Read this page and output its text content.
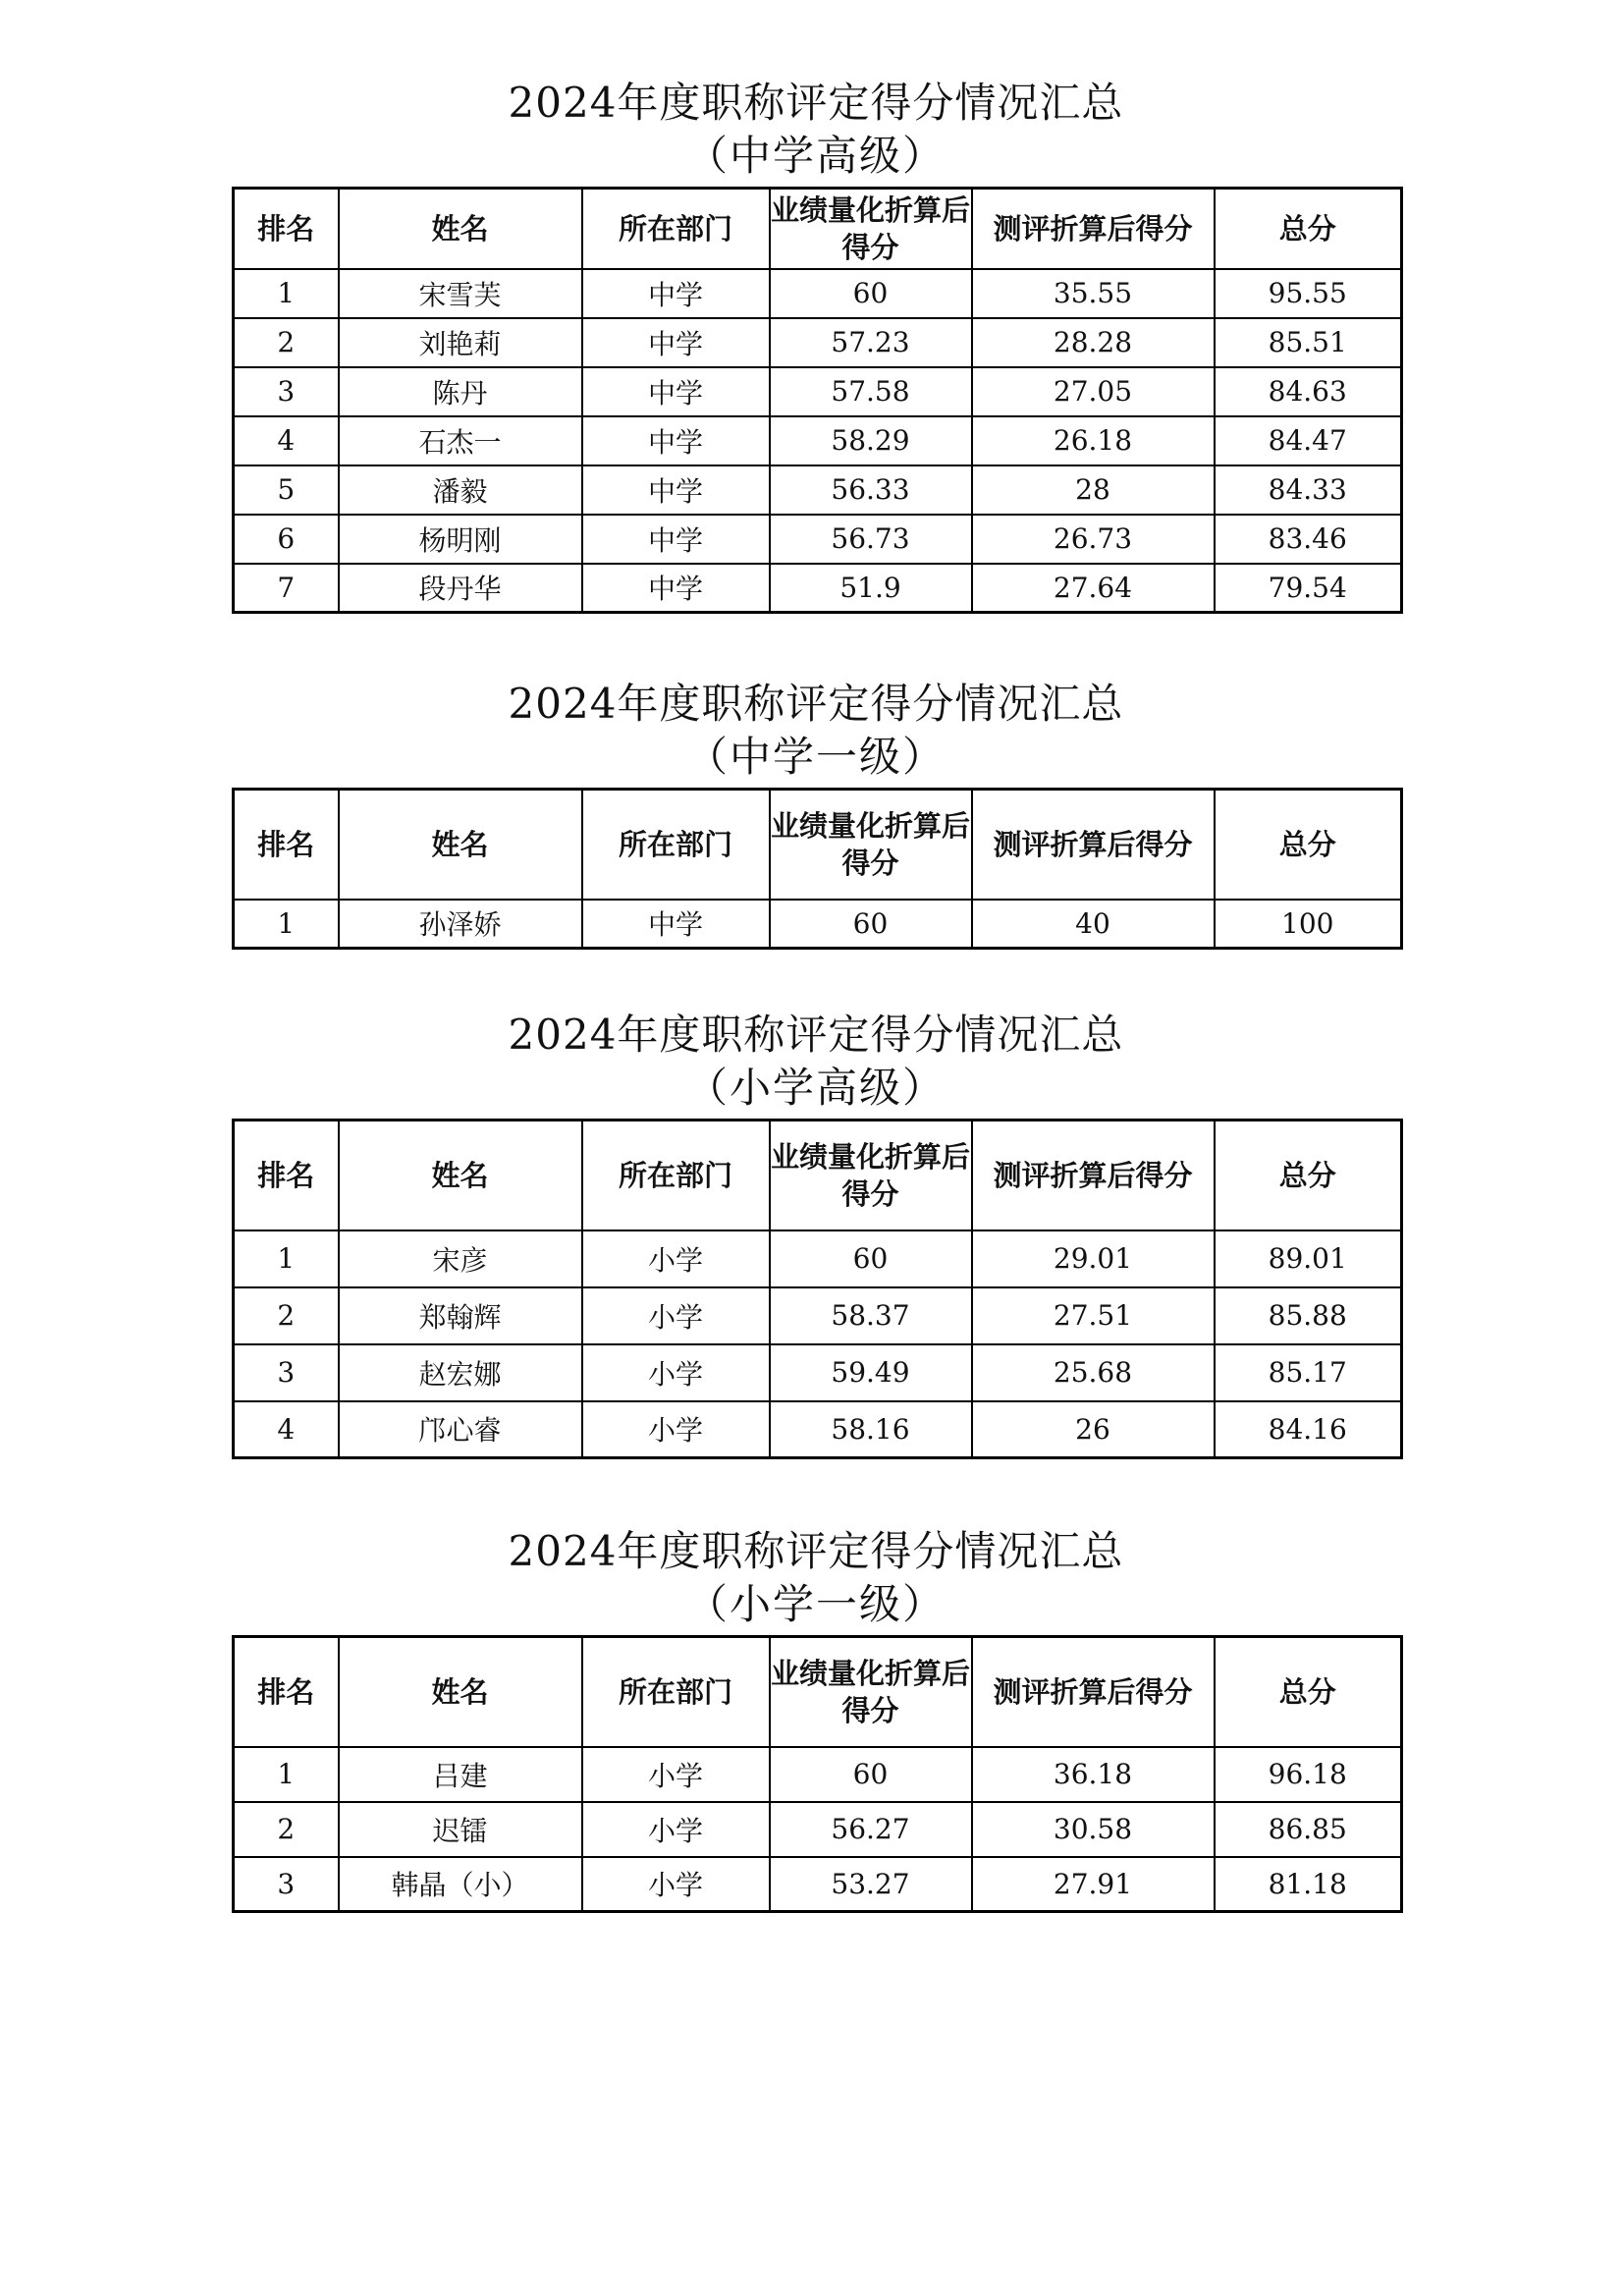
2024年度职称评定得分情况汇总
（中学高级）
排名	姓名	所在部门	业绩量化折算后得分	测评折算后得分	总分
1	宋雪芙	中学	60	35.55	95.55
2	刘艳莉	中学	57.23	28.28	85.51
3	陈丹	中学	57.58	27.05	84.63
4	石杰一	中学	58.29	26.18	84.47
5	潘毅	中学	56.33	28	84.33
6	杨明刚	中学	56.73	26.73	83.46
7	段丹华	中学	51.9	27.64	79.54
2024年度职称评定得分情况汇总
（中学一级）
排名	姓名	所在部门	业绩量化折算后得分	测评折算后得分	总分
1	孙泽娇	中学	60	40	100
2024年度职称评定得分情况汇总
（小学高级）
排名	姓名	所在部门	业绩量化折算后得分	测评折算后得分	总分
1	宋彦	小学	60	29.01	89.01
2	郑翰辉	小学	58.37	27.51	85.88
3	赵宏娜	小学	59.49	25.68	85.17
4	邝心睿	小学	58.16	26	84.16
2024年度职称评定得分情况汇总
（小学一级）
排名	姓名	所在部门	业绩量化折算后得分	测评折算后得分	总分
1	吕建	小学	60	36.18	96.18
2	迟镭	小学	56.27	30.58	86.85
3	韩晶（小）	小学	53.27	27.91	81.18
